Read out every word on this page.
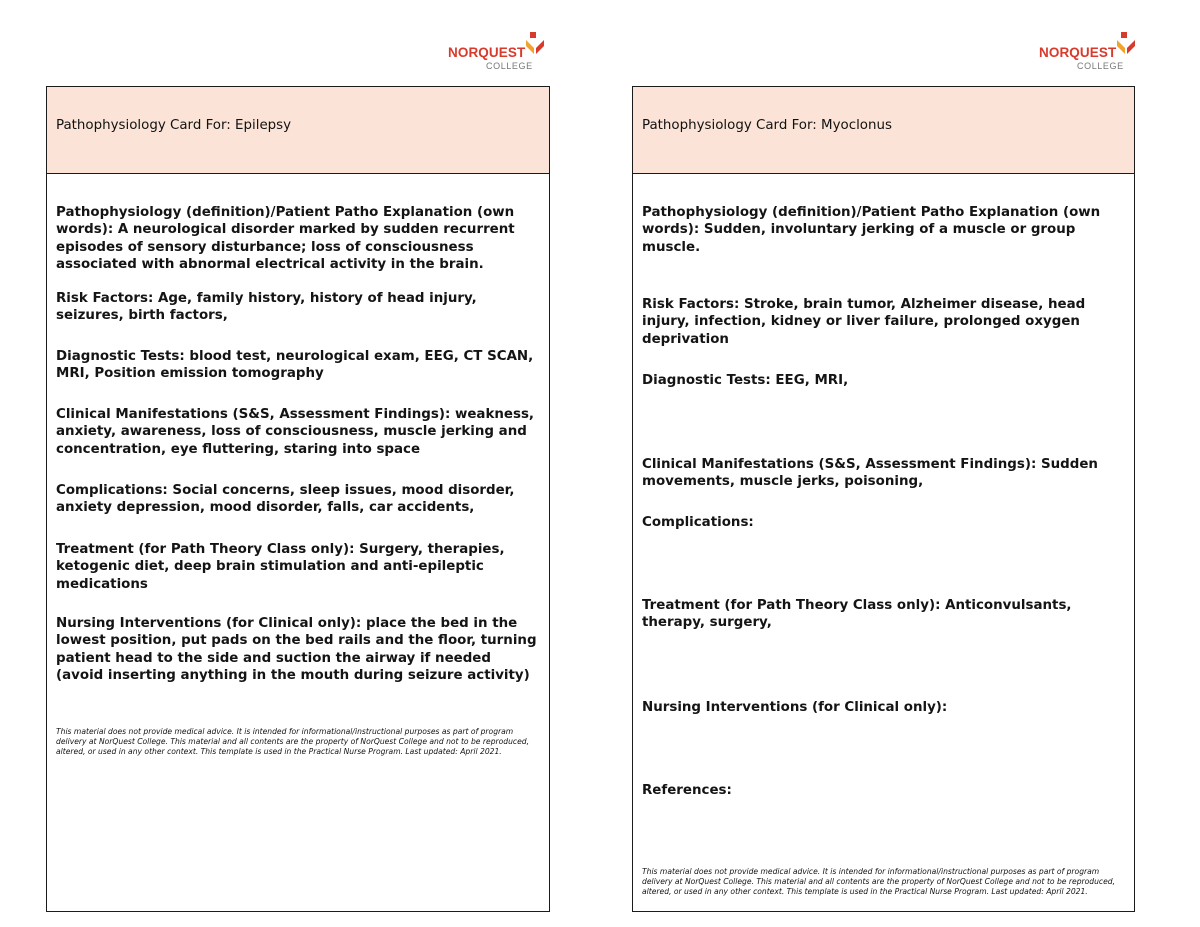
NORQUEST
COLLEGE
NORQUEST
COLLEGE
Pathophysiology Card For: Epilepsy
Pathophysiology (definition)/Patient Patho Explanation (own words): A neurological disorder marked by sudden recurrent episodes of sensory disturbance; loss of consciousness associated with abnormal electrical activity in the brain.
Risk Factors: Age, family history, history of head injury, seizures, birth factors,
Diagnostic Tests: blood test, neurological exam, EEG, CT SCAN, MRI, Position emission tomography
Clinical Manifestations (S&S, Assessment Findings): weakness, anxiety, awareness, loss of consciousness, muscle jerking and concentration, eye fluttering, staring into space
Complications: Social concerns, sleep issues, mood disorder, anxiety depression, mood disorder, falls, car accidents,
Treatment (for Path Theory Class only): Surgery, therapies, ketogenic diet, deep brain stimulation and anti-epileptic medications
Nursing Interventions (for Clinical only): place the bed in the lowest position, put pads on the bed rails and the floor, turning patient head to the side and suction the airway if needed (avoid inserting anything in the mouth during seizure activity)
This material does not provide medical advice. It is intended for informational/instructional purposes as part of program delivery at NorQuest College. This material and all contents are the property of NorQuest College and not to be reproduced, altered, or used in any other context. This template is used in the Practical Nurse Program. Last updated: April 2021.
Pathophysiology Card For: Myoclonus
Pathophysiology (definition)/Patient Patho Explanation (own words): Sudden, involuntary jerking of a muscle or group muscle.
Risk Factors: Stroke, brain tumor, Alzheimer disease, head injury, infection, kidney or liver failure, prolonged oxygen deprivation
Diagnostic Tests: EEG, MRI,
Clinical Manifestations (S&S, Assessment Findings): Sudden movements, muscle jerks, poisoning,
Complications:
Treatment (for Path Theory Class only): Anticonvulsants, therapy, surgery,
Nursing Interventions (for Clinical only):
References:
This material does not provide medical advice. It is intended for informational/instructional purposes as part of program delivery at NorQuest College. This material and all contents are the property of NorQuest College and not to be reproduced, altered, or used in any other context. This template is used in the Practical Nurse Program. Last updated: April 2021.
